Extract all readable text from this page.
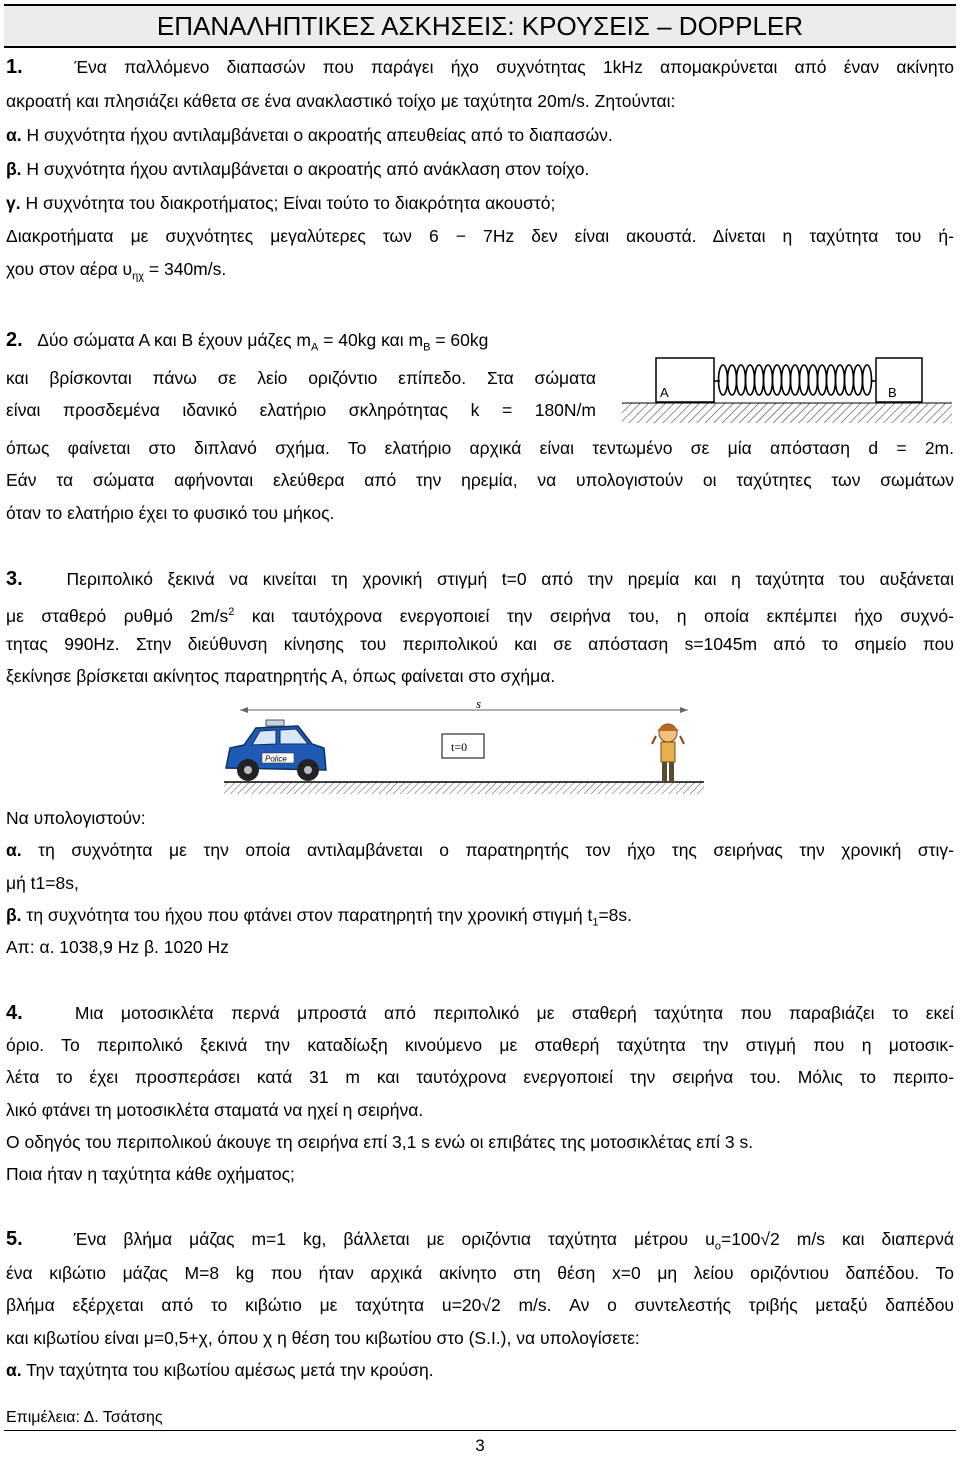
ΕΠΑΝΑΛΗΠΤΙΚΕΣ ΑΣΚΗΣΕΙΣ: ΚΡΟΥΣΕΙΣ – DOPPLER
1.	Ένα παλλόμενο διαπασών που παράγει ήχο συχνότητας 1kHz απομακρύνεται από έναν ακίνητο
ακροατή και πλησιάζει κάθετα σε ένα ανακλαστικό τοίχο με ταχύτητα 20m/s. Ζητούνται:
α. Η συχνότητα ήχου αντιλαμβάνεται ο ακροατής απευθείας από το διαπασών.
β. Η συχνότητα ήχου αντιλαμβάνεται ο ακροατής από ανάκλαση στον τοίχο.
γ. Η συχνότητα του διακροτήματος; Είναι τούτο το διακρότητα ακουστό;
Διακροτήματα με συχνότητες μεγαλύτερες των 6 − 7Hz δεν είναι ακουστά. Δίνεται η ταχύτητα του ή-
χου στον αέρα $\upsilon_{\eta\chi} = 340m/s$.
2. Δύο σώματα Α και Β έχουν μάζες $m_A = 40kg$ και $m_B = 60kg$
και βρίσκονται πάνω σε λείο οριζόντιο επίπεδο. Στα σώματα
είναι προσδεμένα ιδανικό ελατήριο σκληρότητας k = 180N/m
όπως φαίνεται στο διπλανό σχήμα. Το ελατήριο αρχικά είναι τεντωμένο σε μία απόσταση d = 2m.
Εάν τα σώματα αφήνονται ελεύθερα από την ηρεμία, να υπολογιστούν οι ταχύτητες των σωμάτων
όταν το ελατήριο έχει το φυσικό του μήκος.
A	B
3.	Περιπολικό ξεκινά να κινείται τη χρονική στιγμή t=0 από την ηρεμία και η ταχύτητα του αυξάνεται
με σταθερό ρυθμό $2m/s^2$ και ταυτόχρονα ενεργοποιεί την σειρήνα του, η οποία εκπέμπει ήχο συχνό-
τητας 990Hz. Στην διεύθυνση κίνησης του περιπολικού και σε απόσταση s=1045m από το σημείο που
ξεκίνησε βρίσκεται ακίνητος παρατηρητής Α, όπως φαίνεται στο σχήμα.
s
t=0
Police
Να υπολογιστούν:
α. τη συχνότητα με την οποία αντιλαμβάνεται ο παρατηρητής τον ήχο της σειρήνας την χρονική στιγ-
μή t1=8s,
β. τη συχνότητα του ήχου που φτάνει στον παρατηρητή την χρονική στιγμή $t_1=8s$.
Απ: α. 1038,9 Hz β. 1020 Hz
4.	Μια μοτοσικλέτα περνά μπροστά από περιπολικό με σταθερή ταχύτητα που παραβιάζει το εκεί
όριο. Το περιπολικό ξεκινά την καταδίωξη κινούμενο με σταθερή ταχύτητα την στιγμή που η μοτοσικ-
λέτα το έχει προσπεράσει κατά 31 m και ταυτόχρονα ενεργοποιεί την σειρήνα του. Μόλις το περιπο-
λικό φτάνει τη μοτοσικλέτα σταματά να ηχεί η σειρήνα.
Ο οδηγός του περιπολικού άκουγε τη σειρήνα επί 3,1 s ενώ οι επιβάτες της μοτοσικλέτας επί 3 s.
Ποια ήταν η ταχύτητα κάθε οχήματος;
5.	Ένα βλήμα μάζας m=1 kg, βάλλεται με οριζόντια ταχύτητα μέτρου $u_o=100√2$ m/s και διαπερνά
ένα κιβώτιο μάζας Μ=8 kg που ήταν αρχικά ακίνητο στη θέση x=0 μη λείου οριζόντιου δαπέδου. Το
βλήμα εξέρχεται από το κιβώτιο με ταχύτητα u=20√2 m/s. Αν ο συντελεστής τριβής μεταξύ δαπέδου
και κιβωτίου είναι μ=0,5+χ, όπου χ η θέση του κιβωτίου στο (S.I.), να υπολογίσετε:
α. Την ταχύτητα του κιβωτίου αμέσως μετά την κρούση.
Επιμέλεια: Δ. Τσάτσης
3
